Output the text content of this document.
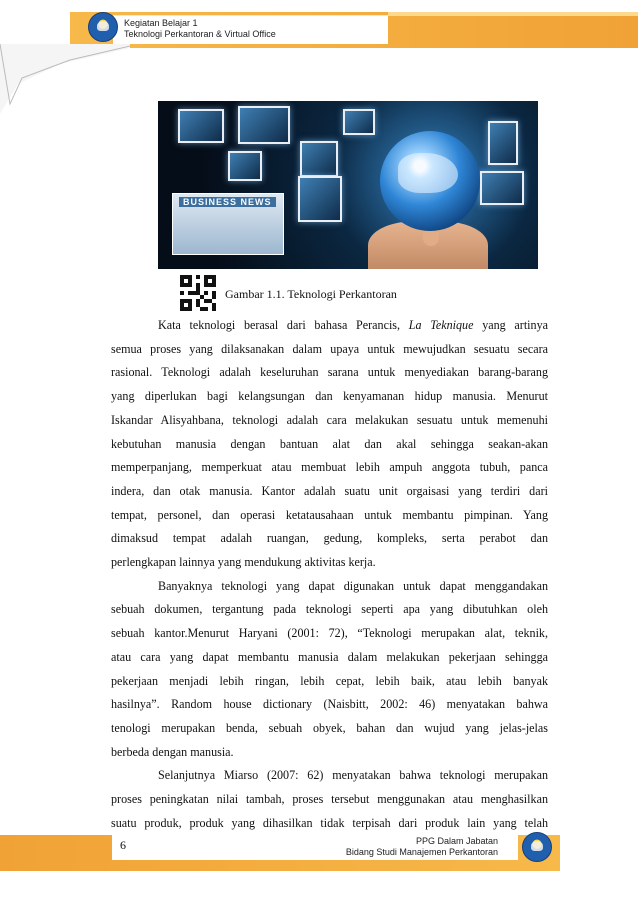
Kegiatan Belajar 1
Teknologi Perkantoran & Virtual Office
BUSINESS NEWS
Gambar 1.1. Teknologi Perkantoran
Kata teknologi berasal dari bahasa Perancis, La Teknique yang artinya
semua proses yang dilaksanakan dalam upaya untuk mewujudkan sesuatu secara
rasional. Teknologi adalah keseluruhan sarana untuk menyediakan barang-barang
yang diperlukan bagi kelangsungan dan kenyamanan hidup manusia. Menurut
Iskandar Alisyahbana, teknologi adalah cara melakukan sesuatu untuk memenuhi
kebutuhan manusia dengan bantuan alat dan akal sehingga seakan-akan
memperpanjang, memperkuat atau membuat lebih ampuh anggota tubuh, panca
indera, dan otak manusia. Kantor adalah suatu unit orgaisasi yang terdiri dari
tempat, personel, dan operasi ketatausahaan untuk membantu pimpinan. Yang
dimaksud tempat adalah ruangan, gedung, kompleks, serta perabot dan
perlengkapan lainnya yang mendukung aktivitas kerja.
Banyaknya teknologi yang dapat digunakan untuk dapat menggandakan
sebuah dokumen, tergantung pada teknologi seperti apa yang dibutuhkan oleh
sebuah kantor.Menurut Haryani (2001: 72), “Teknologi merupakan alat, teknik,
atau cara yang dapat membantu manusia dalam melakukan pekerjaan sehingga
pekerjaan menjadi lebih ringan, lebih cepat, lebih baik, atau lebih banyak
hasilnya”. Random house dictionary (Naisbitt, 2002: 46) menyatakan bahwa
tenologi merupakan benda, sebuah obyek, bahan dan wujud yang jelas-jelas
berbeda dengan manusia.
Selanjutnya Miarso (2007: 62) menyatakan bahwa teknologi merupakan
proses peningkatan nilai tambah, proses tersebut menggunakan atau menghasilkan
suatu produk, produk yang dihasilkan tidak terpisah dari produk lain yang telah
6	PPG Dalam Jabatan
Bidang Studi Manajemen Perkantoran
